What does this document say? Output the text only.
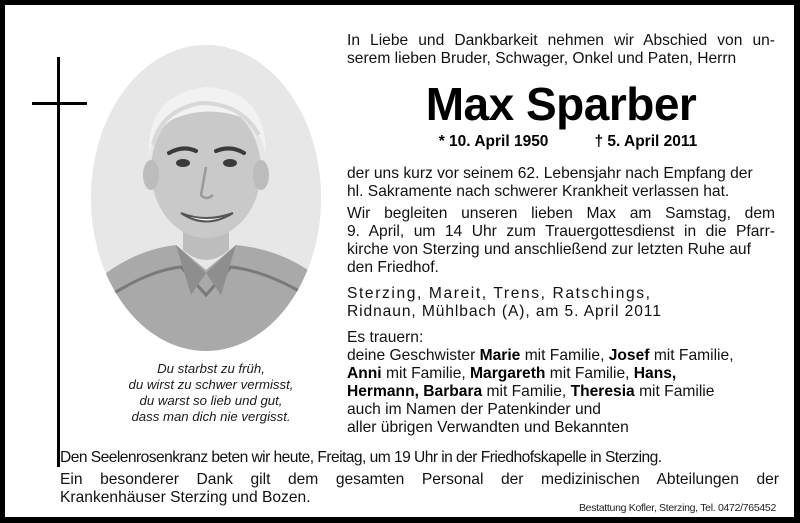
Du starbst zu früh,
du wirst zu schwer vermisst,
du warst so lieb und gut,
dass man dich nie vergisst.
In Liebe und Dankbarkeit nehmen wir Abschied von un-
serem lieben Bruder, Schwager, Onkel und Paten, Herrn
Max Sparber
* 10. April 1950	† 5. April 2011
der uns kurz vor seinem 62. Lebensjahr nach Empfang der
hl. Sakramente nach schwerer Krankheit verlassen hat.
Wir begleiten unseren lieben Max am Samstag, dem
9. April, um 14 Uhr zum Trauergottesdienst in die Pfarr-
kirche von Sterzing und anschließend zur letzten Ruhe auf
den Friedhof.
Sterzing, Mareit, Trens, Ratschings,
Ridnaun, Mühlbach (A), am 5. April 2011
Es trauern:
deine Geschwister Marie mit Familie, Josef mit Familie,
Anni mit Familie, Margareth mit Familie, Hans,
Hermann, Barbara mit Familie, Theresia mit Familie
auch im Namen der Patenkinder und
aller übrigen Verwandten und Bekannten
Den Seelenrosenkranz beten wir heute, Freitag, um 19 Uhr in der Friedhofskapelle in Sterzing.
Ein besonderer Dank gilt dem gesamten Personal der medizinischen Abteilungen der
Krankenhäuser Sterzing und Bozen.
Bestattung Kofler, Sterzing, Tel. 0472/765452
